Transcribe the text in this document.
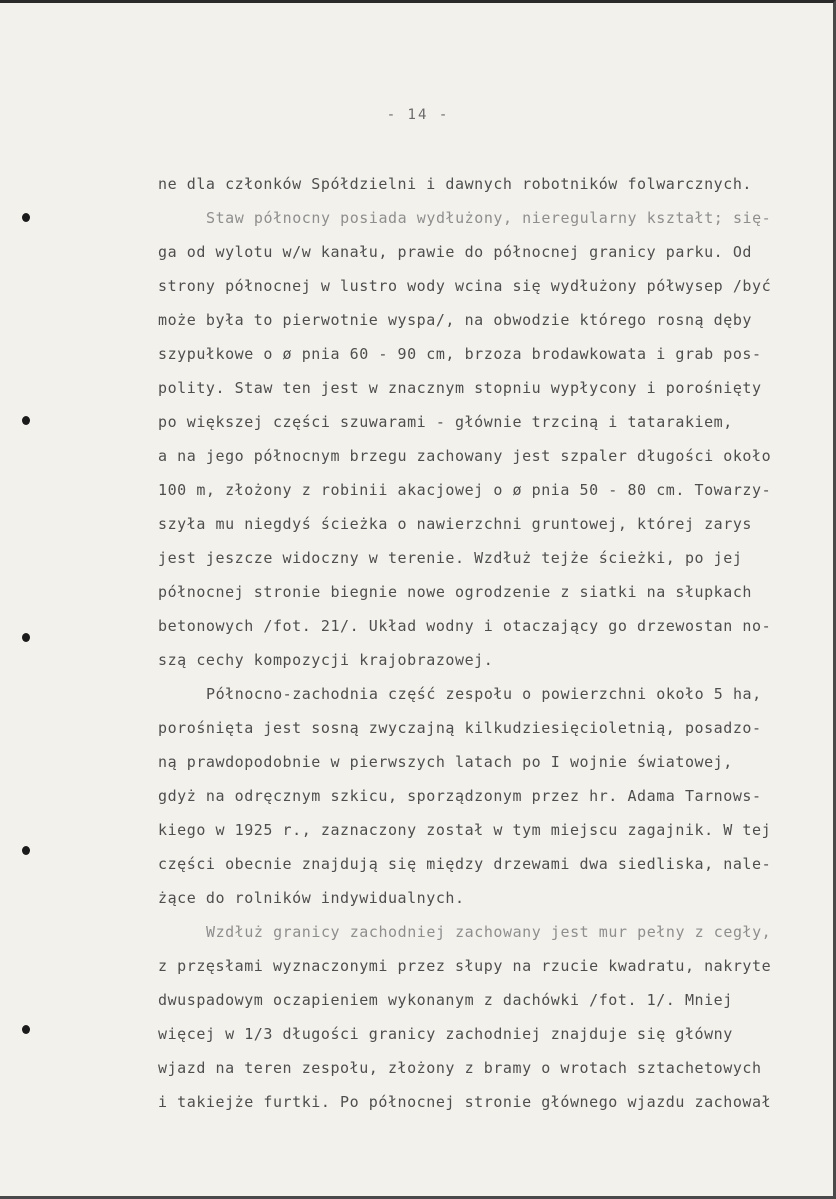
- 14 -
ne dla członków Spółdzielni i dawnych robotników folwarcznych.
Staw północny posiada wydłużony, nieregularny kształt; się-
ga od wylotu w/w kanału, prawie do północnej granicy parku. Od
strony północnej w lustro wody wcina się wydłużony półwysep /być
może była to pierwotnie wyspa/, na obwodzie którego rosną dęby
szypułkowe o ø pnia 60 - 90 cm, brzoza brodawkowata i grab pos-
polity. Staw ten jest w znacznym stopniu wypłycony i porośnięty
po większej części szuwarami - głównie trzciną i tatarakiem,
a na jego północnym brzegu zachowany jest szpaler długości około
100 m, złożony z robinii akacjowej o ø pnia 50 - 80 cm. Towarzy-
szyła mu niegdyś ścieżka o nawierzchni gruntowej, której zarys
jest jeszcze widoczny w terenie. Wzdłuż tejże ścieżki, po jej
północnej stronie biegnie nowe ogrodzenie z siatki na słupkach
betonowych /fot. 21/. Układ wodny i otaczający go drzewostan no-
szą cechy kompozycji krajobrazowej.
Północno-zachodnia część zespołu o powierzchni około 5 ha,
porośnięta jest sosną zwyczajną kilkudziesięcioletnią, posadzo-
ną prawdopodobnie w pierwszych latach po I wojnie światowej,
gdyż na odręcznym szkicu, sporządzonym przez hr. Adama Tarnows-
kiego w 1925 r., zaznaczony został w tym miejscu zagajnik. W tej
części obecnie znajdują się między drzewami dwa siedliska, nale-
żące do rolników indywidualnych.
Wzdłuż granicy zachodniej zachowany jest mur pełny z cegły,
z przęsłami wyznaczonymi przez słupy na rzucie kwadratu, nakryte
dwuspadowym oczapieniem wykonanym z dachówki /fot. 1/. Mniej
więcej w 1/3 długości granicy zachodniej znajduje się główny
wjazd na teren zespołu, złożony z bramy o wrotach sztachetowych
i takiejże furtki. Po północnej stronie głównego wjazdu zachował
